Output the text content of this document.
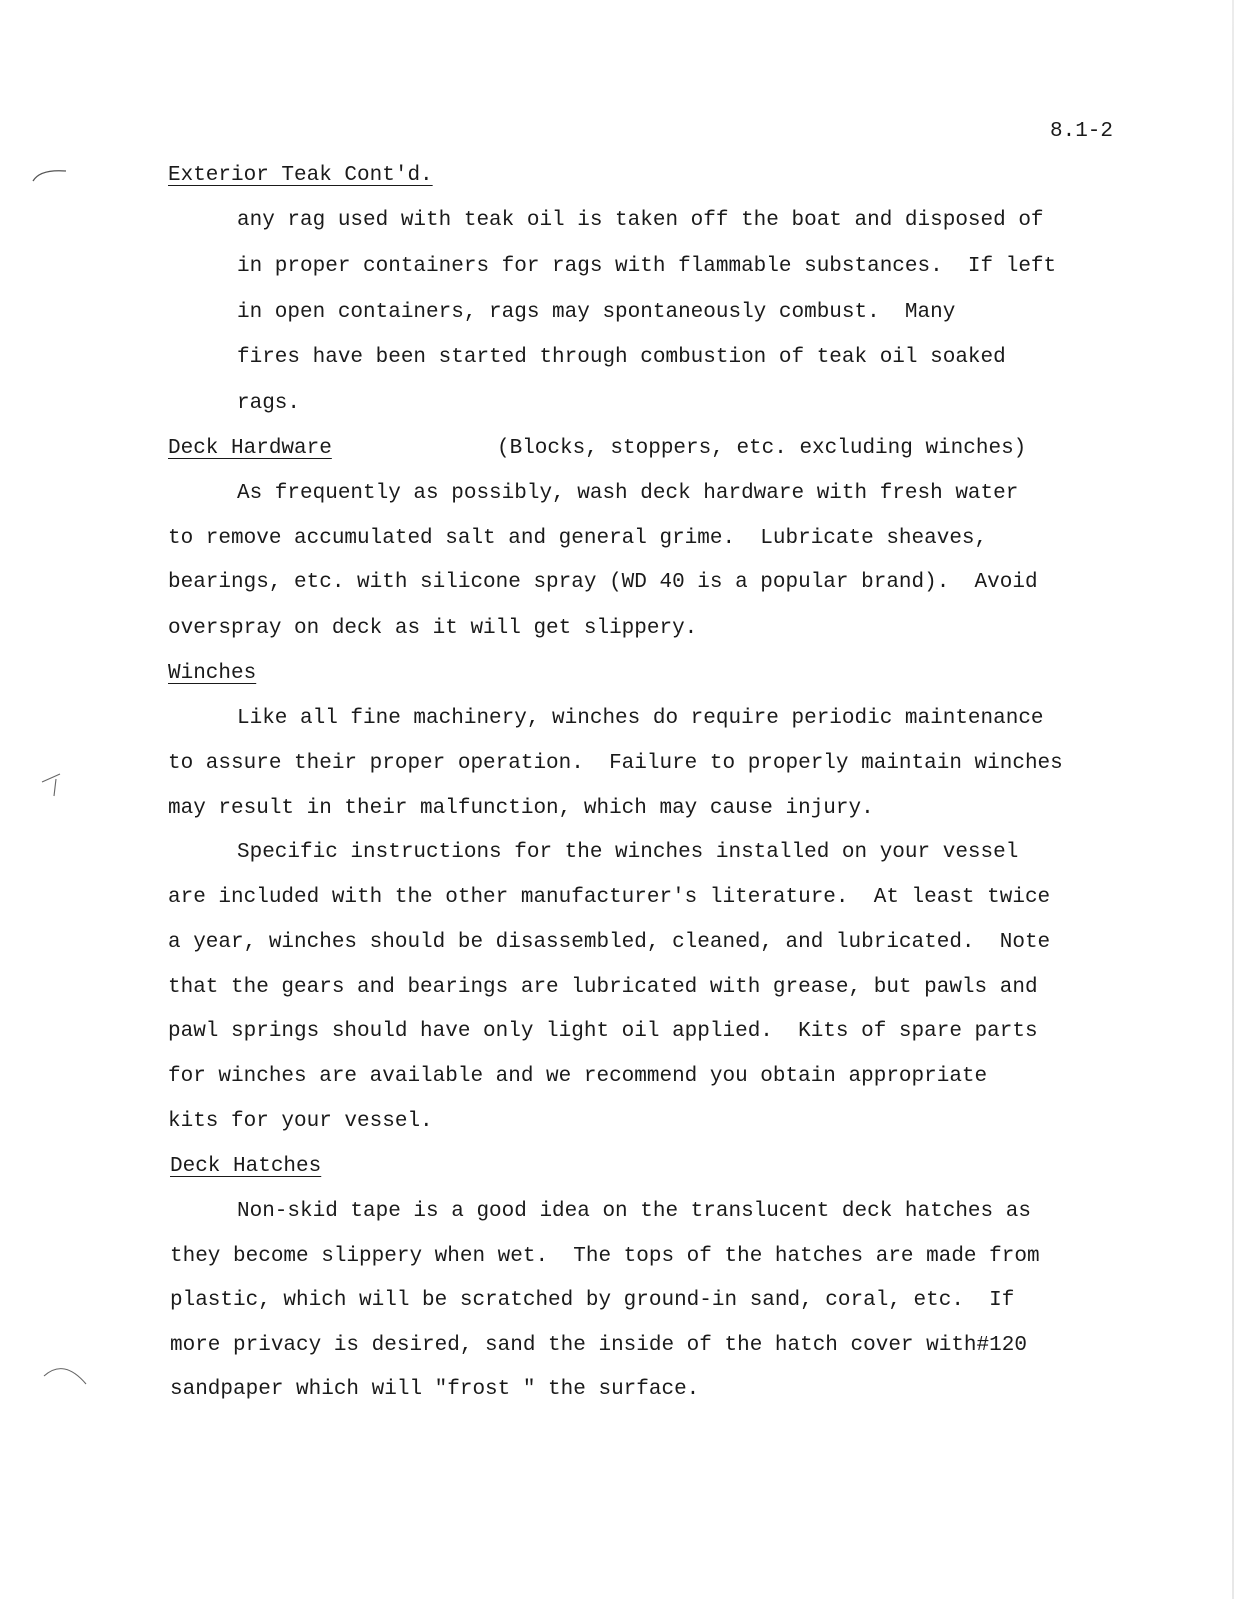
8.1-2
Exterior Teak Cont'd.
any rag used with teak oil is taken off the boat and disposed of
in proper containers for rags with flammable substances.  If left
in open containers, rags may spontaneously combust.  Many
fires have been started through combustion of teak oil soaked
rags.
Deck Hardware	(Blocks, stoppers, etc. excluding winches)
As frequently as possibly, wash deck hardware with fresh water
to remove accumulated salt and general grime.  Lubricate sheaves,
bearings, etc. with silicone spray (WD 40 is a popular brand).  Avoid
overspray on deck as it will get slippery.
Winches
Like all fine machinery, winches do require periodic maintenance
to assure their proper operation.  Failure to properly maintain winches
may result in their malfunction, which may cause injury.
Specific instructions for the winches installed on your vessel
are included with the other manufacturer's literature.  At least twice
a year, winches should be disassembled, cleaned, and lubricated.  Note
that the gears and bearings are lubricated with grease, but pawls and
pawl springs should have only light oil applied.  Kits of spare parts
for winches are available and we recommend you obtain appropriate
kits for your vessel.
Deck Hatches
Non-skid tape is a good idea on the translucent deck hatches as
they become slippery when wet.  The tops of the hatches are made from
plastic, which will be scratched by ground-in sand, coral, etc.  If
more privacy is desired, sand the inside of the hatch cover with#120
sandpaper which will "frost " the surface.
